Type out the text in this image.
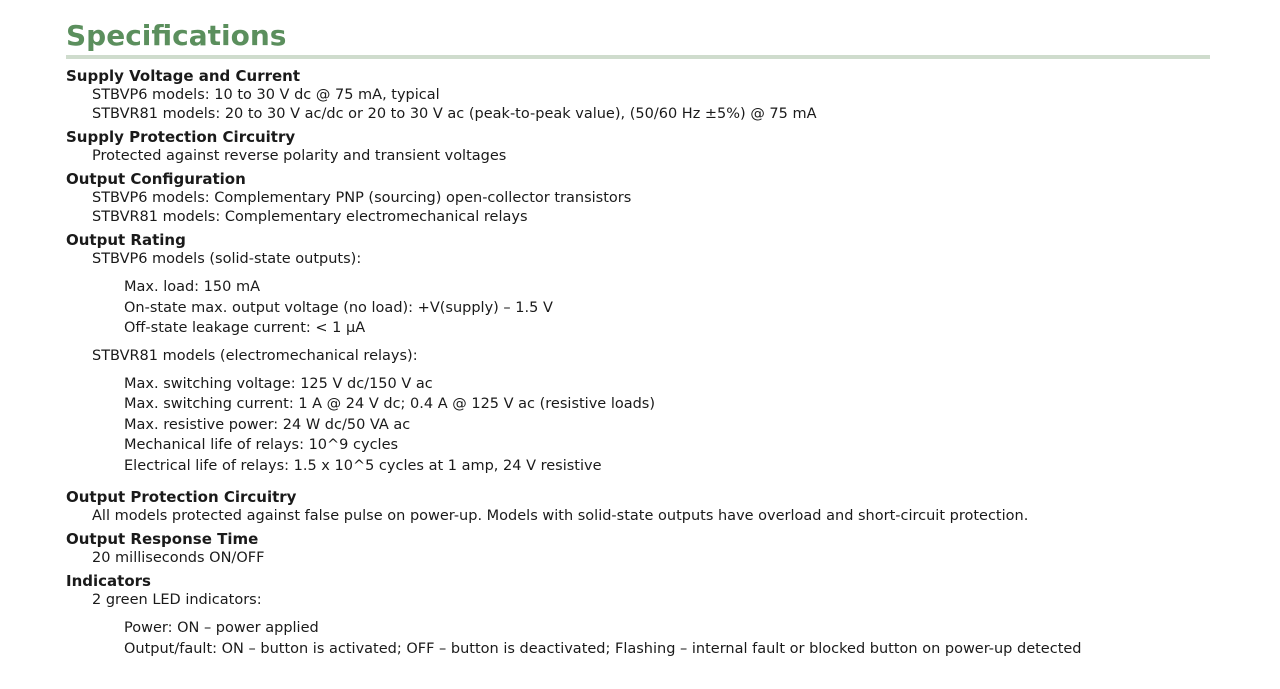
Specifications
Supply Voltage and Current
STBVP6 models: 10 to 30 V dc @ 75 mA, typical
STBVR81 models: 20 to 30 V ac/dc or 20 to 30 V ac (peak-to-peak value), (50/60 Hz ±5%) @ 75 mA
Supply Protection Circuitry
Protected against reverse polarity and transient voltages
Output Configuration
STBVP6 models: Complementary PNP (sourcing) open-collector transistors
STBVR81 models: Complementary electromechanical relays
Output Rating
STBVP6 models (solid-state outputs):
Max. load: 150 mA
On-state max. output voltage (no load): +V(supply) – 1.5 V
Off-state leakage current: < 1 µA
STBVR81 models (electromechanical relays):
Max. switching voltage: 125 V dc/150 V ac
Max. switching current: 1 A @ 24 V dc; 0.4 A @ 125 V ac (resistive loads)
Max. resistive power: 24 W dc/50 VA ac
Mechanical life of relays: 10^9 cycles
Electrical life of relays: 1.5 x 10^5 cycles at 1 amp, 24 V resistive
Output Protection Circuitry
All models protected against false pulse on power-up. Models with solid-state outputs have overload and short-circuit protection.
Output Response Time
20 milliseconds ON/OFF
Indicators
2 green LED indicators:
Power: ON – power applied
Output/fault: ON – button is activated; OFF – button is deactivated; Flashing – internal fault or blocked button on power-up detected
